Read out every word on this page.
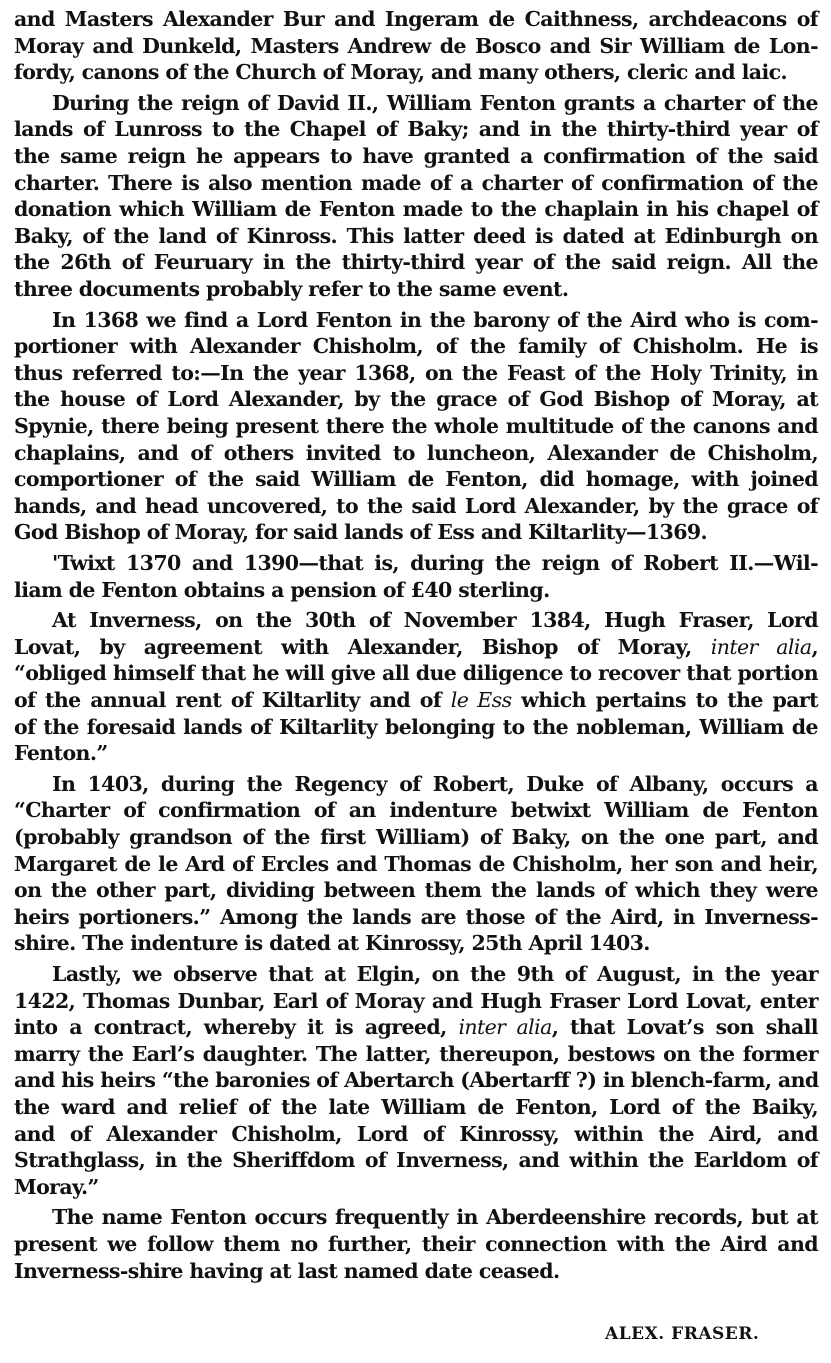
and Masters Alexander Bur and Ingeram de Caithness, archdeacons of
Moray and Dunkeld, Masters Andrew de Bosco and Sir William de Lon-
fordy, canons of the Church of Moray, and many others, cleric and laic.
During the reign of David II., William Fenton grants a charter of the
lands of Lunross to the Chapel of Baky; and in the thirty-third year of
the same reign he appears to have granted a confirmation of the said
charter. There is also mention made of a charter of confirmation of the
donation which William de Fenton made to the chaplain in his chapel of
Baky, of the land of Kinross. This latter deed is dated at Edinburgh on
the 26th of Feuruary in the thirty-third year of the said reign. All the
three documents probably refer to the same event.
In 1368 we find a Lord Fenton in the barony of the Aird who is com-
portioner with Alexander Chisholm, of the family of Chisholm. He is
thus referred to:—In the year 1368, on the Feast of the Holy Trinity, in
the house of Lord Alexander, by the grace of God Bishop of Moray, at
Spynie, there being present there the whole multitude of the canons and
chaplains, and of others invited to luncheon, Alexander de Chisholm,
comportioner of the said William de Fenton, did homage, with joined
hands, and head uncovered, to the said Lord Alexander, by the grace of
God Bishop of Moray, for said lands of Ess and Kiltarlity—1369.
'Twixt 1370 and 1390—that is, during the reign of Robert II.—Wil-
liam de Fenton obtains a pension of £40 sterling.
At Inverness, on the 30th of November 1384, Hugh Fraser, Lord
Lovat, by agreement with Alexander, Bishop of Moray, inter alia,
“obliged himself that he will give all due diligence to recover that portion
of the annual rent of Kiltarlity and of le Ess which pertains to the part
of the foresaid lands of Kiltarlity belonging to the nobleman, William de
Fenton.”
In 1403, during the Regency of Robert, Duke of Albany, occurs a
“Charter of confirmation of an indenture betwixt William de Fenton
(probably grandson of the first William) of Baky, on the one part, and
Margaret de le Ard of Ercles and Thomas de Chisholm, her son and heir,
on the other part, dividing between them the lands of which they were
heirs portioners.” Among the lands are those of the Aird, in Inverness-
shire. The indenture is dated at Kinrossy, 25th April 1403.
Lastly, we observe that at Elgin, on the 9th of August, in the year
1422, Thomas Dunbar, Earl of Moray and Hugh Fraser Lord Lovat, enter
into a contract, whereby it is agreed, inter alia, that Lovat’s son shall
marry the Earl’s daughter. The latter, thereupon, bestows on the former
and his heirs “the baronies of Abertarch (Abertarff ?) in blench-farm, and
the ward and relief of the late William de Fenton, Lord of the Baiky,
and of Alexander Chisholm, Lord of Kinrossy, within the Aird, and
Strathglass, in the Sheriffdom of Inverness, and within the Earldom of
Moray.”
The name Fenton occurs frequently in Aberdeenshire records, but at
present we follow them no further, their connection with the Aird and
Inverness-shire having at last named date ceased.
ALEX. FRASER.
